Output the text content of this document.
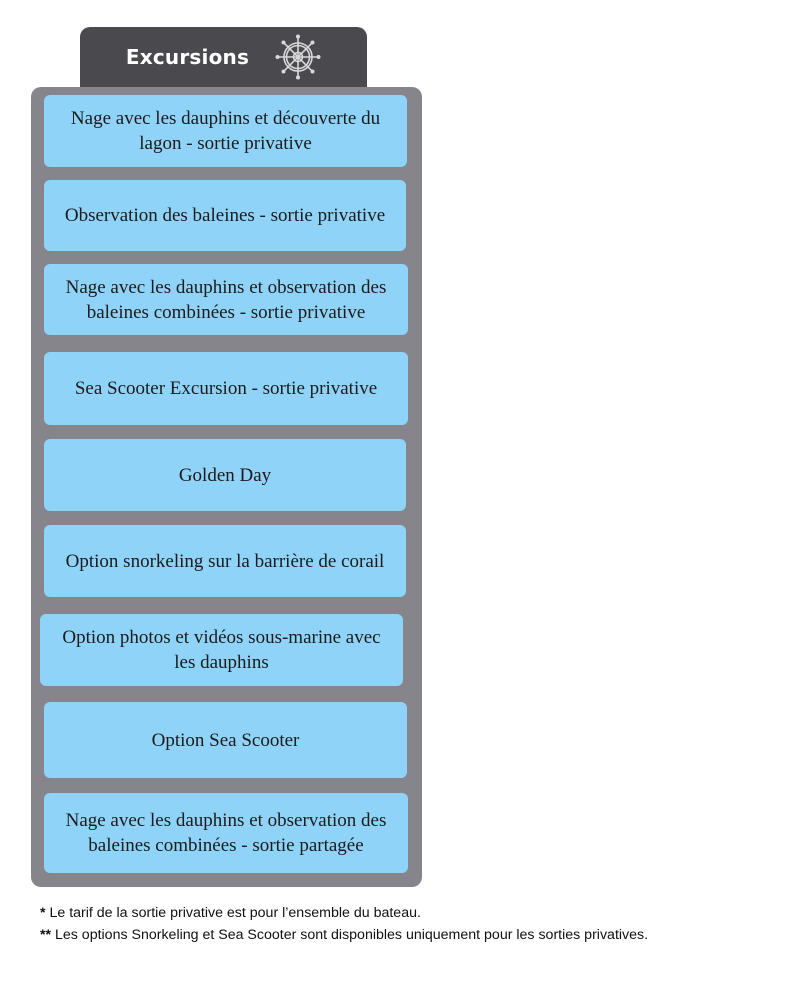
Excursions
Nage avec les dauphins et découverte du lagon - sortie privative
Observation des baleines - sortie privative
Nage avec les dauphins et observation des baleines combinées - sortie privative
Sea Scooter Excursion - sortie privative
Golden Day
Option snorkeling sur la barrière de corail
Option photos et vidéos sous-marine avec les dauphins
Option Sea Scooter
Nage avec les dauphins et observation des baleines combinées - sortie partagée
* Le tarif de la sortie privative est pour l’ensemble du bateau.
** Les options Snorkeling et Sea Scooter sont disponibles uniquement pour les sorties privatives.
